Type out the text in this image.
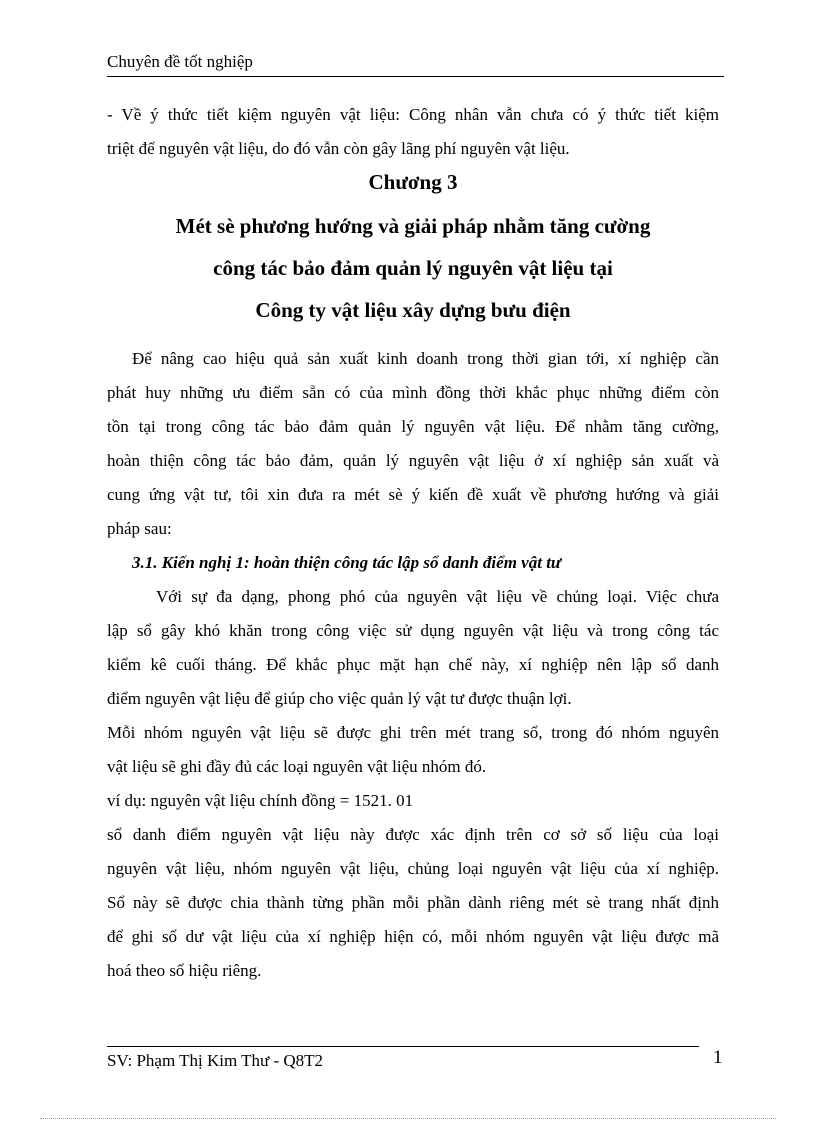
Chuyên đề tốt nghiệp
- Về ý thức tiết kiệm nguyên vật liệu: Công nhân vẫn chưa có ý thức tiết kiệm
triệt để nguyên vật liệu, do đó vẫn còn gây lãng phí nguyên vật liệu.
Chương 3
Mét sè phương hướng và giải pháp nhằm tăng cường
công tác bảo đảm quản lý nguyên vật liệu tại
Công ty vật liệu xây dựng bưu điện
Để nâng cao hiệu quả sản xuất kinh doanh trong thời gian tới, xí nghiệp cần
phát huy những ưu điểm sẵn có của mình đồng thời khắc phục những điểm còn
tồn tại trong công tác bảo đảm quản lý nguyên vật liệu. Để nhằm tăng cường,
hoàn thiện công tác bảo đảm, quản lý nguyên vật liệu ở xí nghiệp sản xuất và
cung ứng vật tư, tôi xin đưa ra mét sè ý kiến đề xuất về phương hướng và giải
pháp sau:
3.1. Kiến nghị 1: hoàn thiện công tác lập sổ danh điểm vật tư
Với sự đa dạng, phong phó của nguyên vật liệu về chủng loại. Việc chưa
lập sổ gây khó khăn trong công việc sử dụng nguyên vật liệu và trong công tác
kiểm kê cuối tháng. Để khắc phục mặt hạn chế này, xí nghiệp nên lập sổ danh
điểm nguyên vật liệu để giúp cho việc quản lý vật tư được thuận lợi.
Mỗi nhóm nguyên vật liệu sẽ được ghi trên mét trang sổ, trong đó nhóm nguyên
vật liệu sẽ ghi đầy đủ các loại nguyên vật liệu nhóm đó.
ví dụ: nguyên vật liệu chính đồng = 1521. 01
sổ danh điểm nguyên vật liệu này được xác định trên cơ sở số liệu của loại
nguyên vật liệu, nhóm nguyên vật liệu, chủng loại nguyên vật liệu của xí nghiệp.
Sổ này sẽ được chia thành từng phần mỗi phần dành riêng mét sè trang nhất định
để ghi số dư vật liệu của xí nghiệp hiện có, mỗi nhóm nguyên vật liệu được mã
hoá theo số hiệu riêng.
SV: Phạm Thị Kim Thư - Q8T2	1
